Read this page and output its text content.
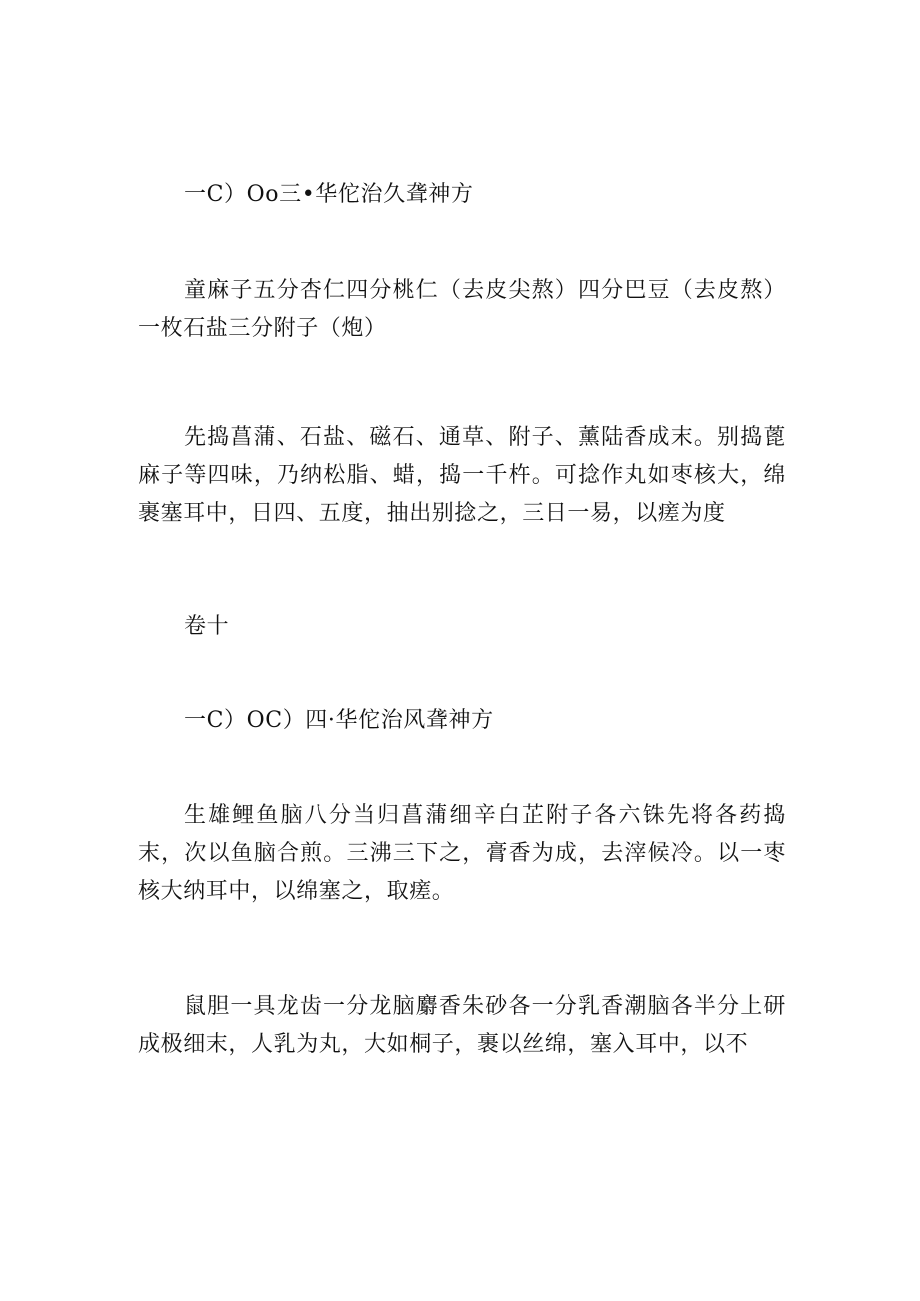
一C）Oo三•华佗治久聋神方

童麻子五分杏仁四分桃仁（去皮尖熬）四分巴豆（去皮熬）一枚石盐三分附子（炮）

先捣菖蒲、石盐、磁石、通草、附子、薰陆香成末。别捣蓖麻子等四味，乃纳松脂、蜡，捣一千杵。可捻作丸如枣核大，绵裹塞耳中，日四、五度，抽出别捻之，三日一易，以瘥为度

卷十

一C）OC）四·华佗治风聋神方

生雄鲤鱼脑八分当归菖蒲细辛白芷附子各六铢先将各药捣末，次以鱼脑合煎。三沸三下之，膏香为成，去滓候冷。以一枣核大纳耳中，以绵塞之，取瘥。

鼠胆一具龙齿一分龙脑麝香朱砂各一分乳香潮脑各半分上研成极细末，人乳为丸，大如桐子，裹以丝绵，塞入耳中，以不
